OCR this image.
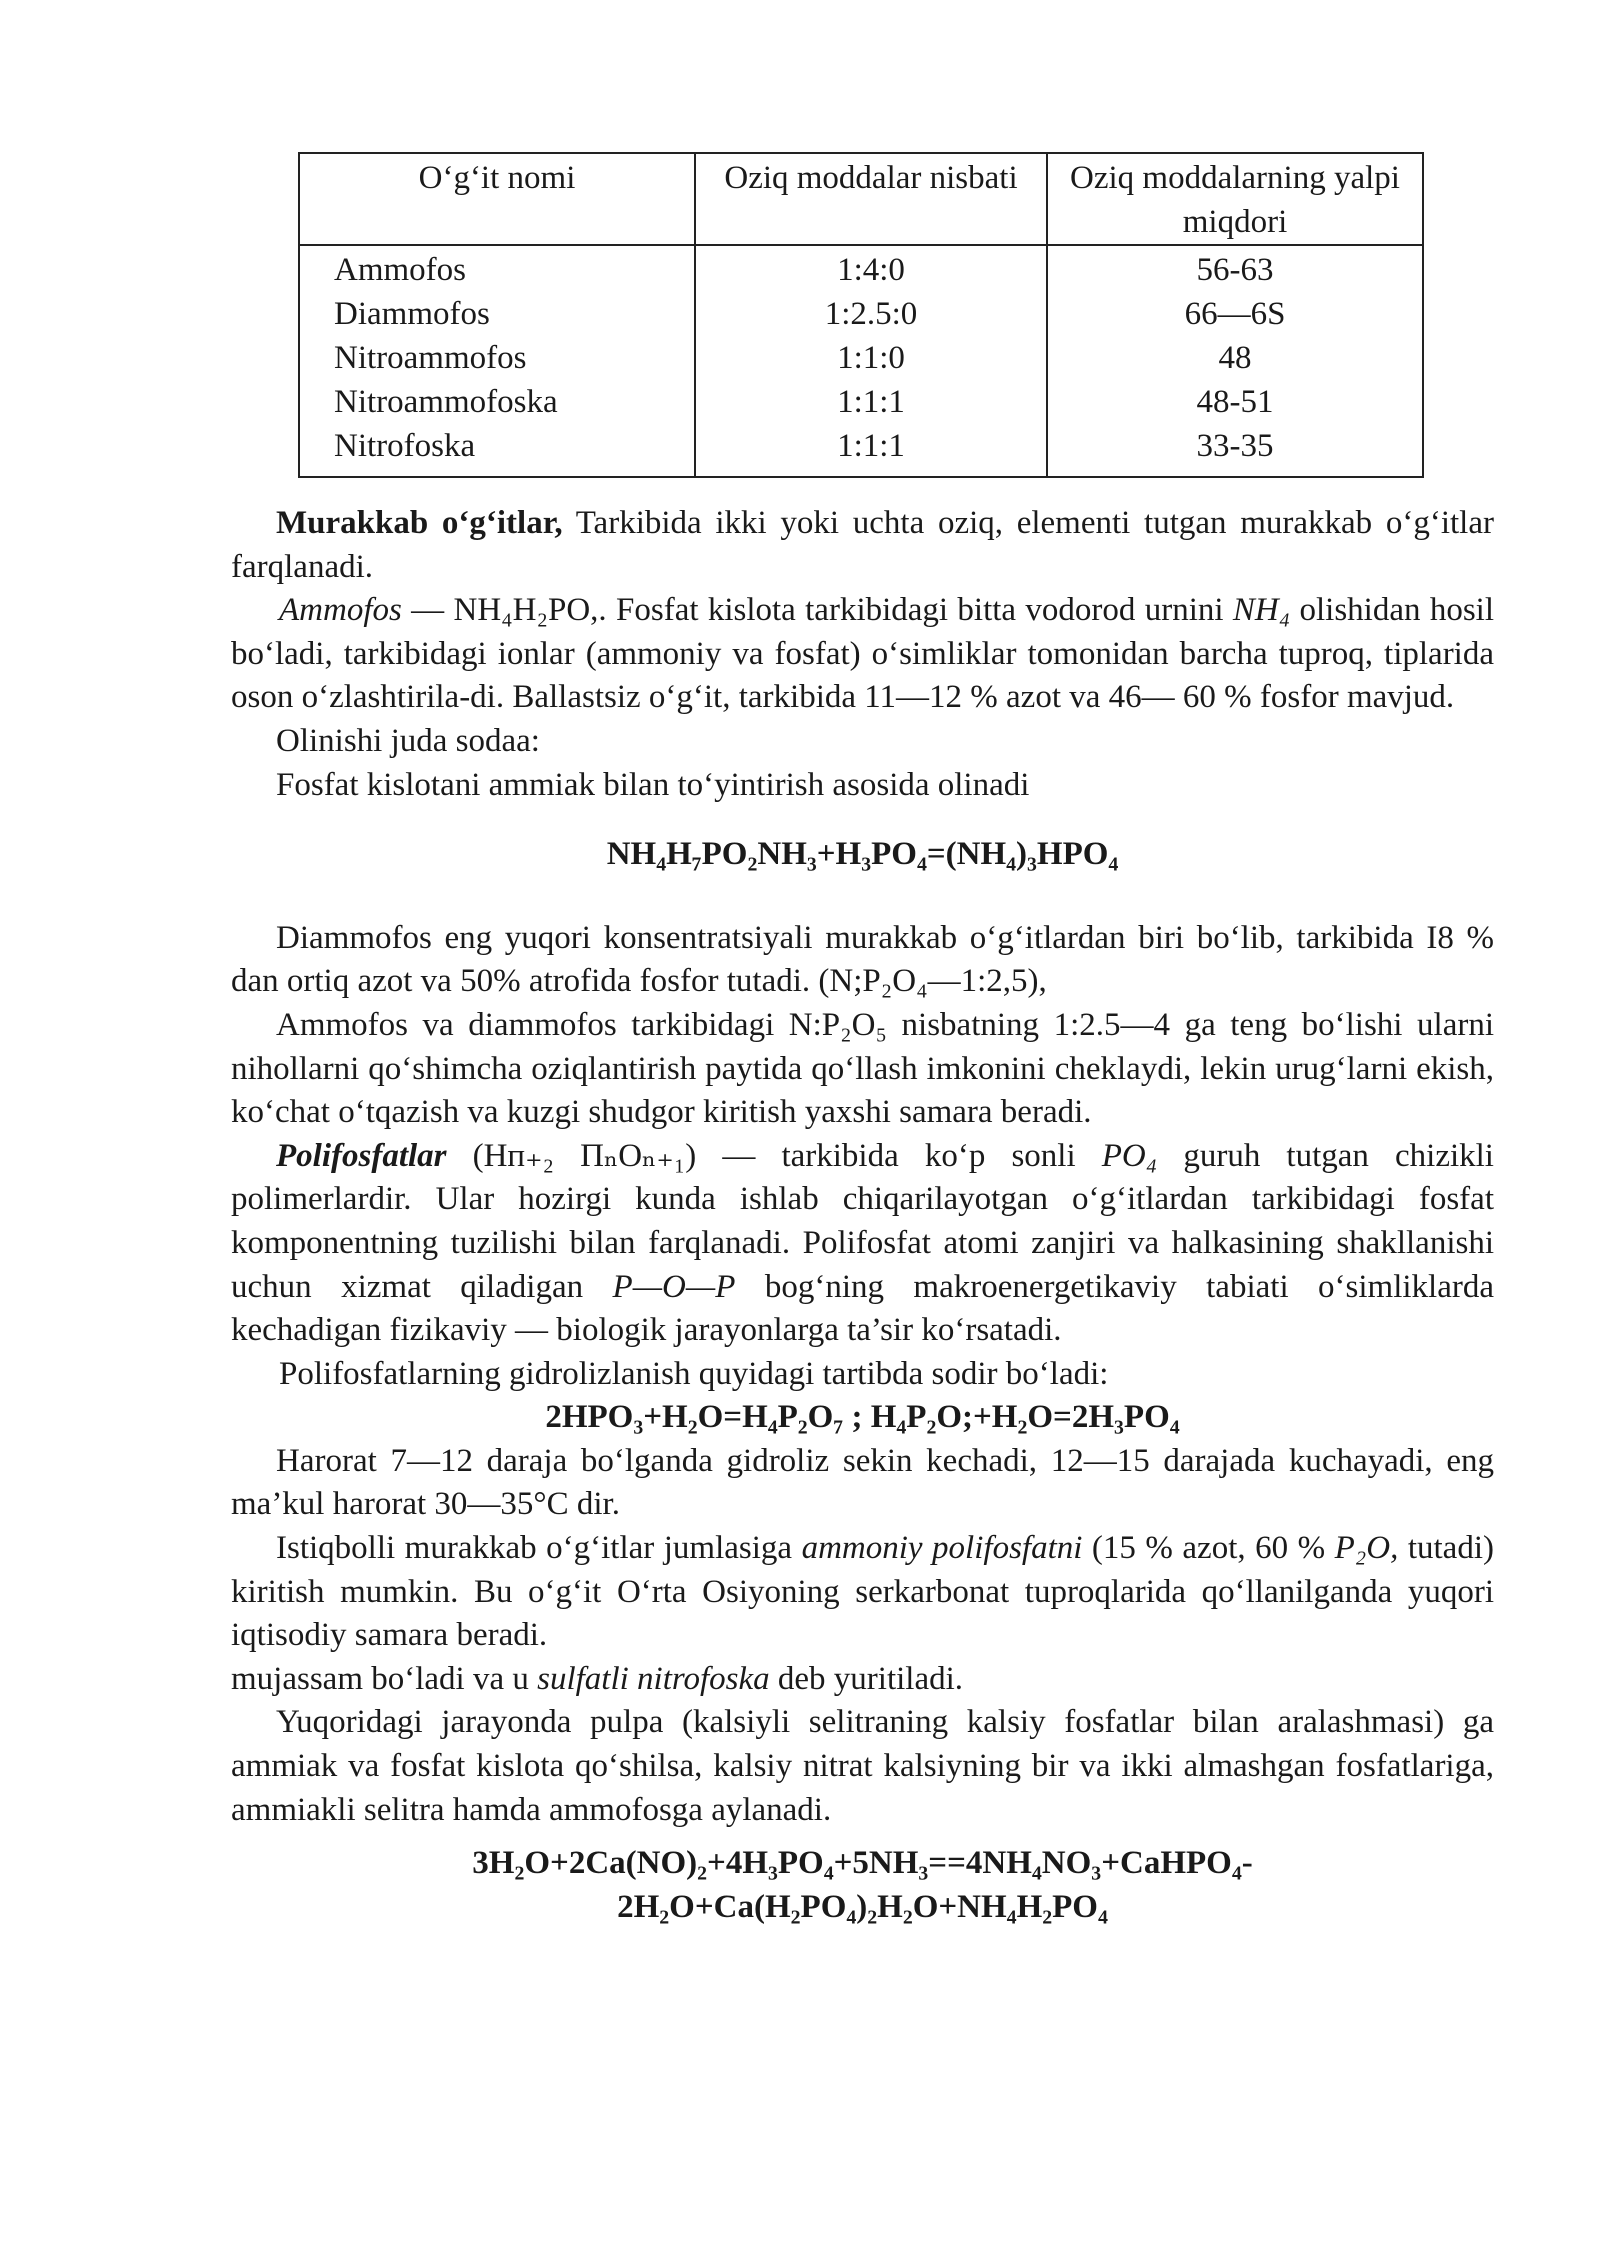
O‘g‘it nomi	Oziq moddalar nisbati	Oziq moddalarning yalpi miqdori
Ammofos	1:4:0	56-63
Diammofos	1:2.5:0	66—6S
Nitroammofos	1:1:0	48
Nitroammofoska	1:1:1	48-51
Nitrofoska	1:1:1	33-35

Murakkab o‘g‘itlar, Tarkibida ikki yoki uchta oziq, elementi tutgan murakkab o‘g‘itlar farqlanadi.

Ammofos — NH₄H₂PO,. Fosfat kislota tarkibidagi bitta vodorod urnini NH₄ olishidan hosil bo‘ladi, tarkibidagi ionlar (ammoniy va fosfat) o‘simliklar tomonidan barcha tuproq, tiplarida oson o‘zlashtirila-di. Ballastsiz o‘g‘it, tarkibida 11—12 % azot va 46— 60 % fosfor mavjud.

Olinishi juda sodaa:

Fosfat kislotani ammiak bilan to‘yintirish asosida olinadi

NH₄H₇PO₂NH₃+H₃PO₄=(NH₄)₃HPO₄

Diammofos eng yuqori konsentratsiyali murakkab o‘g‘itlardan biri bo‘lib, tarkibida I8 % dan ortiq azot va 50% atrofida fosfor tutadi. (N;P₂O₄—1:2,5),

Ammofos va diammofos tarkibidagi N:P₂O₅ nisbatning 1:2.5—4 ga teng bo‘lishi ularni nihollarni qo‘shimcha oziqlantirish paytida qo‘llash imkonini cheklaydi, lekin urug‘larni ekish, ko‘chat o‘tqazish va kuzgi shudgor kiritish yaxshi samara beradi.

Polifosfatlar (Hп₊₂ ПₙOₙ₊₁) — tarkibida ko‘p sonli PO₄ guruh tutgan chizikli polimerlardir. Ular hozirgi kunda ishlab chiqarilayotgan o‘g‘itlardan tarkibidagi fosfat komponentning tuzilishi bilan farqlanadi. Polifosfat atomi zanjiri va halkasining shakllanishi uchun xizmat qiladigan P—O—P bog‘ning makroenergetikaviy tabiati o‘simliklarda kechadigan fizikaviy — biologik jarayonlarga ta’sir ko‘rsatadi.

Polifosfatlarning gidrolizlanish quyidagi tartibda sodir bo‘ladi:

2HPO₃+H₂O=H₄P₂O₇ ; H₄P₂O;+H₂O=2H₃PO₄

Harorat 7—12 daraja bo‘lganda gidroliz sekin kechadi, 12—15 darajada kuchayadi, eng ma’kul harorat 30—35°C dir.

Istiqbolli murakkab o‘g‘itlar jumlasiga ammoniy polifosfatni (15 % azot, 60 % P₂O, tutadi) kiritish mumkin. Bu o‘g‘it O‘rta Osiyoning serkarbonat tuproqlarida qo‘llanilganda yuqori iqtisodiy samara beradi.

mujassam bo‘ladi va u sulfatli nitrofoska deb yuritiladi.

Yuqoridagi jarayonda pulpa (kalsiyli selitraning kalsiy fosfatlar bilan aralashmasi) ga ammiak va fosfat kislota qo‘shilsa, kalsiy nitrat kalsiyning bir va ikki almashgan fosfatlariga, ammiakli selitra hamda ammofosga aylanadi.

3H₂O+2Ca(NO)₂+4H₃PO₄+5NH₃==4NH₄NO₃+CaHPO₄-

2H₂O+Ca(H₂PO₄)₂H₂O+NH₄H₂PO₄
